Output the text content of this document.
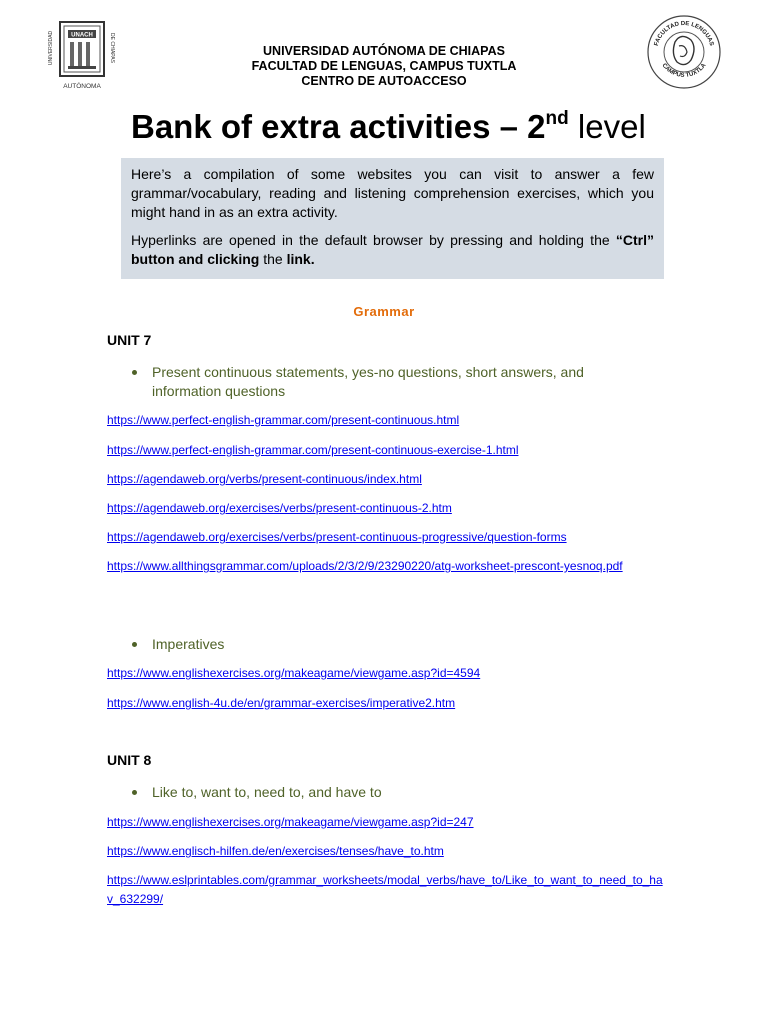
UNACH
UNIVERSIDAD	DE CHIAPAS
AUTÓNOMA
FACULTAD DE LENGUAS
CAMPUS TUXTLA
UNIVERSIDAD AUTÓNOMA DE CHIAPAS
FACULTAD DE LENGUAS, CAMPUS TUXTLA
CENTRO DE AUTOACCESO
Bank of extra activities – 2nd level

Here’s a compilation of some websites you can visit to answer a few grammar/vocabulary, reading and listening comprehension exercises, which you might hand in as an extra activity.

Hyperlinks are opened in the default browser by pressing and holding the “Ctrl” button and clicking the link.

Grammar
UNIT 7
Present continuous statements, yes-no questions, short answers, and information questions
https://www.perfect-english-grammar.com/present-continuous.html
https://www.perfect-english-grammar.com/present-continuous-exercise-1.html
https://agendaweb.org/verbs/present-continuous/index.html
https://agendaweb.org/exercises/verbs/present-continuous-2.htm
https://agendaweb.org/exercises/verbs/present-continuous-progressive/question-forms
https://www.allthingsgrammar.com/uploads/2/3/2/9/23290220/atg-worksheet-prescont-yesnoq.pdf
Imperatives
https://www.englishexercises.org/makeagame/viewgame.asp?id=4594
https://www.english-4u.de/en/grammar-exercises/imperative2.htm
UNIT 8
Like to, want to, need to, and have to
https://www.englishexercises.org/makeagame/viewgame.asp?id=247
https://www.englisch-hilfen.de/en/exercises/tenses/have_to.htm
https://www.eslprintables.com/grammar_worksheets/modal_verbs/have_to/Like_to_want_to_need_to_hav_632299/
